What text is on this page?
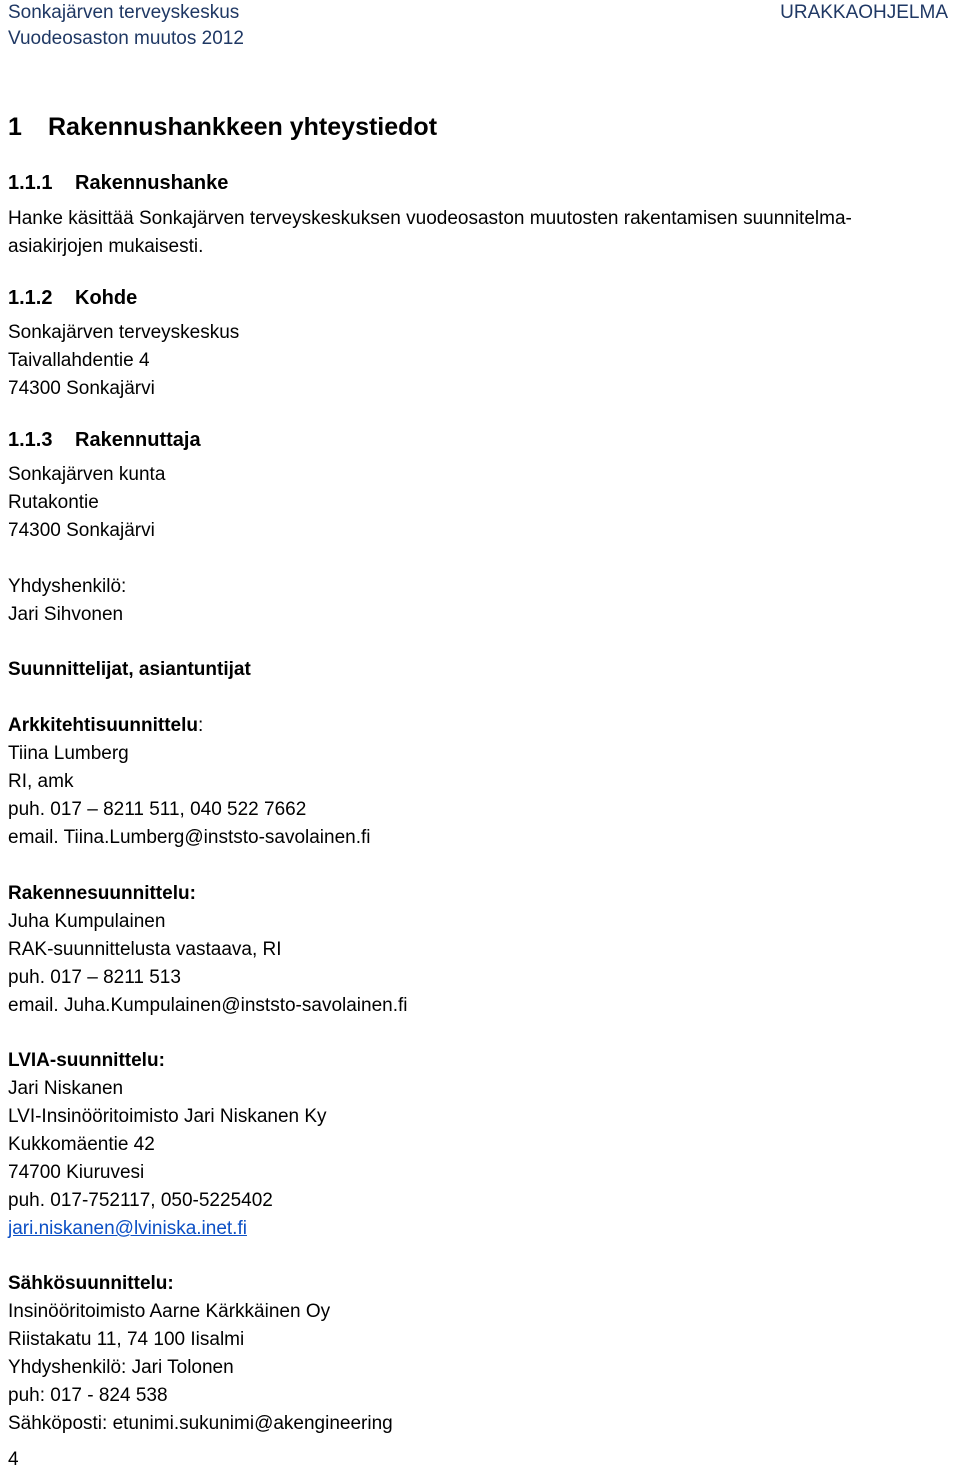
Sonkajärven terveyskeskus
Vuodeosaston muutos 2012
URAKKAOHJELMA
1 Rakennushankkeen yhteystiedot
1.1.1 Rakennushanke
Hanke käsittää Sonkajärven terveyskeskuksen vuodeosaston muutosten rakentamisen suunnitelma-
asiakirjojen mukaisesti.
1.1.2 Kohde
Sonkajärven terveyskeskus
Taivallahdentie 4
74300 Sonkajärvi
1.1.3 Rakennuttaja
Sonkajärven kunta
Rutakontie
74300 Sonkajärvi
Yhdyshenkilö:
Jari Sihvonen
Suunnittelijat, asiantuntijat
Arkkitehtisuunnittelu:
Tiina Lumberg
RI, amk
puh. 017 – 8211 511, 040 522 7662
email. Tiina.Lumberg@inststo-savolainen.fi
Rakennesuunnittelu:
Juha Kumpulainen
RAK-suunnittelusta vastaava, RI
puh. 017 – 8211 513
email. Juha.Kumpulainen@inststo-savolainen.fi
LVIA-suunnittelu:
Jari Niskanen
LVI-Insinööritoimisto Jari Niskanen Ky
Kukkomäentie 42
74700 Kiuruvesi
puh. 017-752117, 050-5225402
jari.niskanen@lviniska.inet.fi
Sähkösuunnittelu:
Insinööritoimisto Aarne Kärkkäinen Oy
Riistakatu 11, 74 100 Iisalmi
Yhdyshenkilö: Jari Tolonen
puh: 017 - 824 538
Sähköposti: etunimi.sukunimi@akengineering
4
